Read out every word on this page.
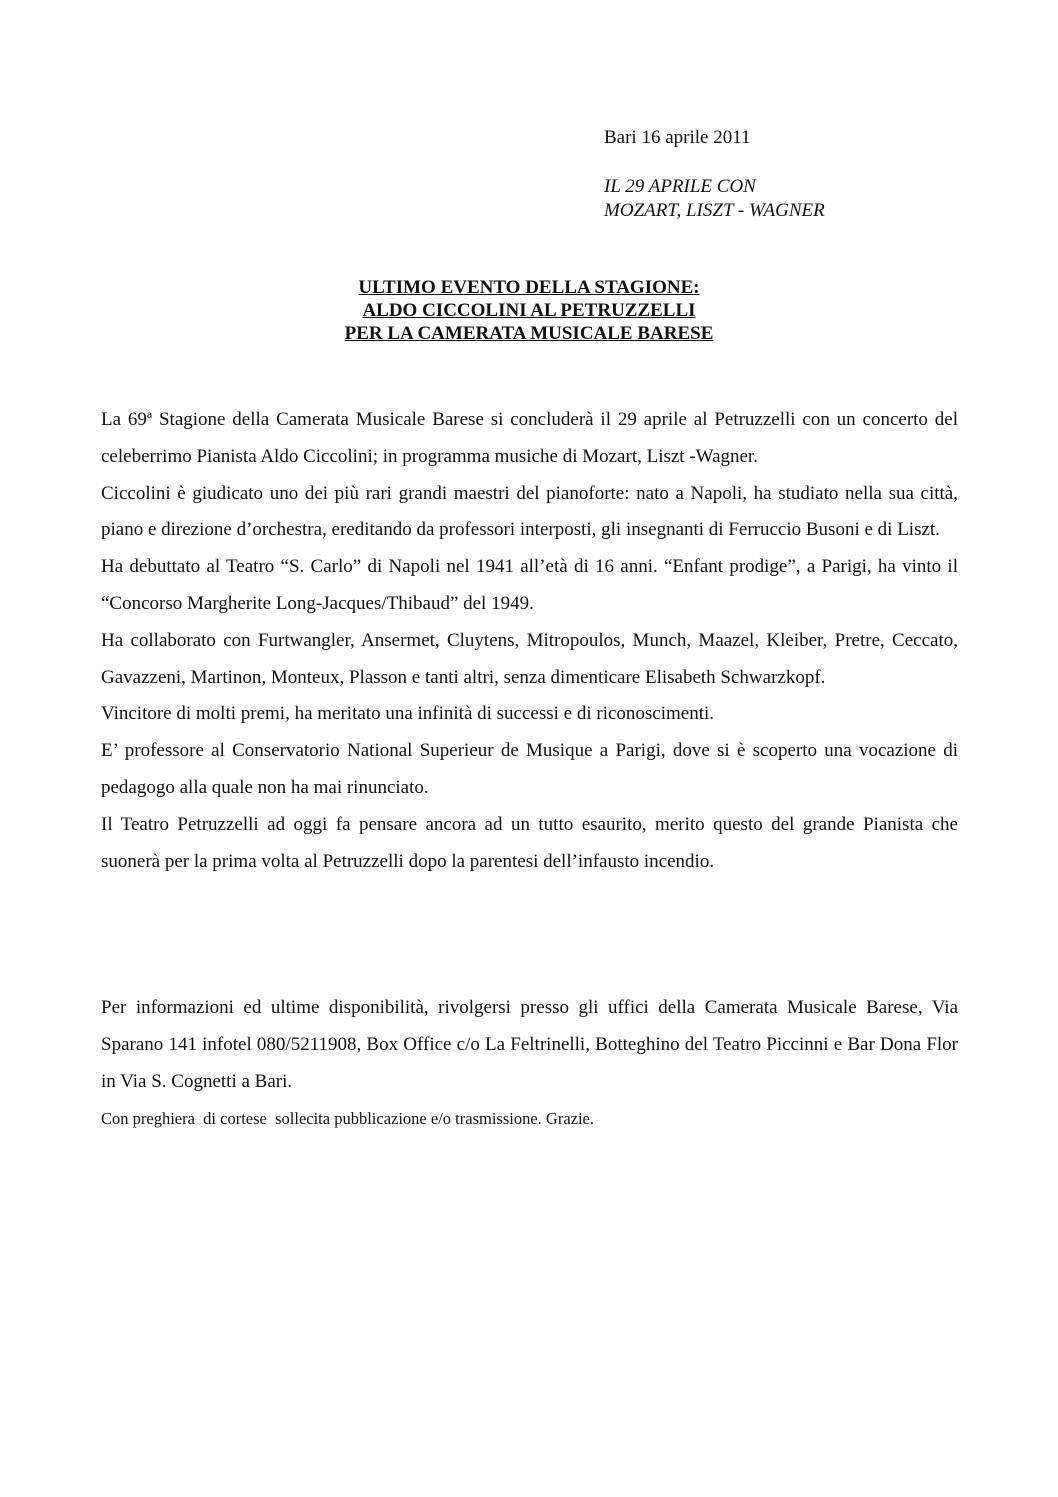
Bari 16 aprile 2011
IL 29 APRILE CON
MOZART, LISZT - WAGNER
ULTIMO EVENTO DELLA STAGIONE:
ALDO CICCOLINI AL PETRUZZELLI
PER LA CAMERATA MUSICALE BARESE

La 69ª Stagione della Camerata Musicale Barese si concluderà il 29 aprile al Petruzzelli con un concerto del celeberrimo Pianista Aldo Ciccolini; in programma musiche di Mozart, Liszt -Wagner.

Ciccolini è giudicato uno dei più rari grandi maestri del pianoforte: nato a Napoli, ha studiato nella sua città, piano e direzione d’orchestra, ereditando da professori interposti, gli insegnanti di Ferruccio Busoni e di Liszt.

Ha debuttato al Teatro “S. Carlo” di Napoli nel 1941 all’età di 16 anni. “Enfant prodige”, a Parigi, ha vinto il “Concorso Margherite Long-Jacques/Thibaud” del 1949.

Ha collaborato con Furtwangler, Ansermet, Cluytens, Mitropoulos, Munch, Maazel, Kleiber, Pretre, Ceccato, Gavazzeni, Martinon, Monteux, Plasson e tanti altri, senza dimenticare Elisabeth Schwarzkopf.

Vincitore di molti premi, ha meritato una infinità di successi e di riconoscimenti.

E’ professore al Conservatorio National Superieur de Musique a Parigi, dove si è scoperto una vocazione di pedagogo alla quale non ha mai rinunciato.

Il Teatro Petruzzelli ad oggi fa pensare ancora ad un tutto esaurito, merito questo del grande Pianista che suonerà per la prima volta al Petruzzelli dopo la parentesi dell’infausto incendio.

Per informazioni ed ultime disponibilità, rivolgersi presso gli uffici della Camerata Musicale Barese, Via Sparano 141 infotel 080/5211908, Box Office c/o La Feltrinelli, Botteghino del Teatro Piccinni e Bar Dona Flor in Via S. Cognetti a Bari.

Con preghiera  di cortese  sollecita pubblicazione e/o trasmissione. Grazie.
